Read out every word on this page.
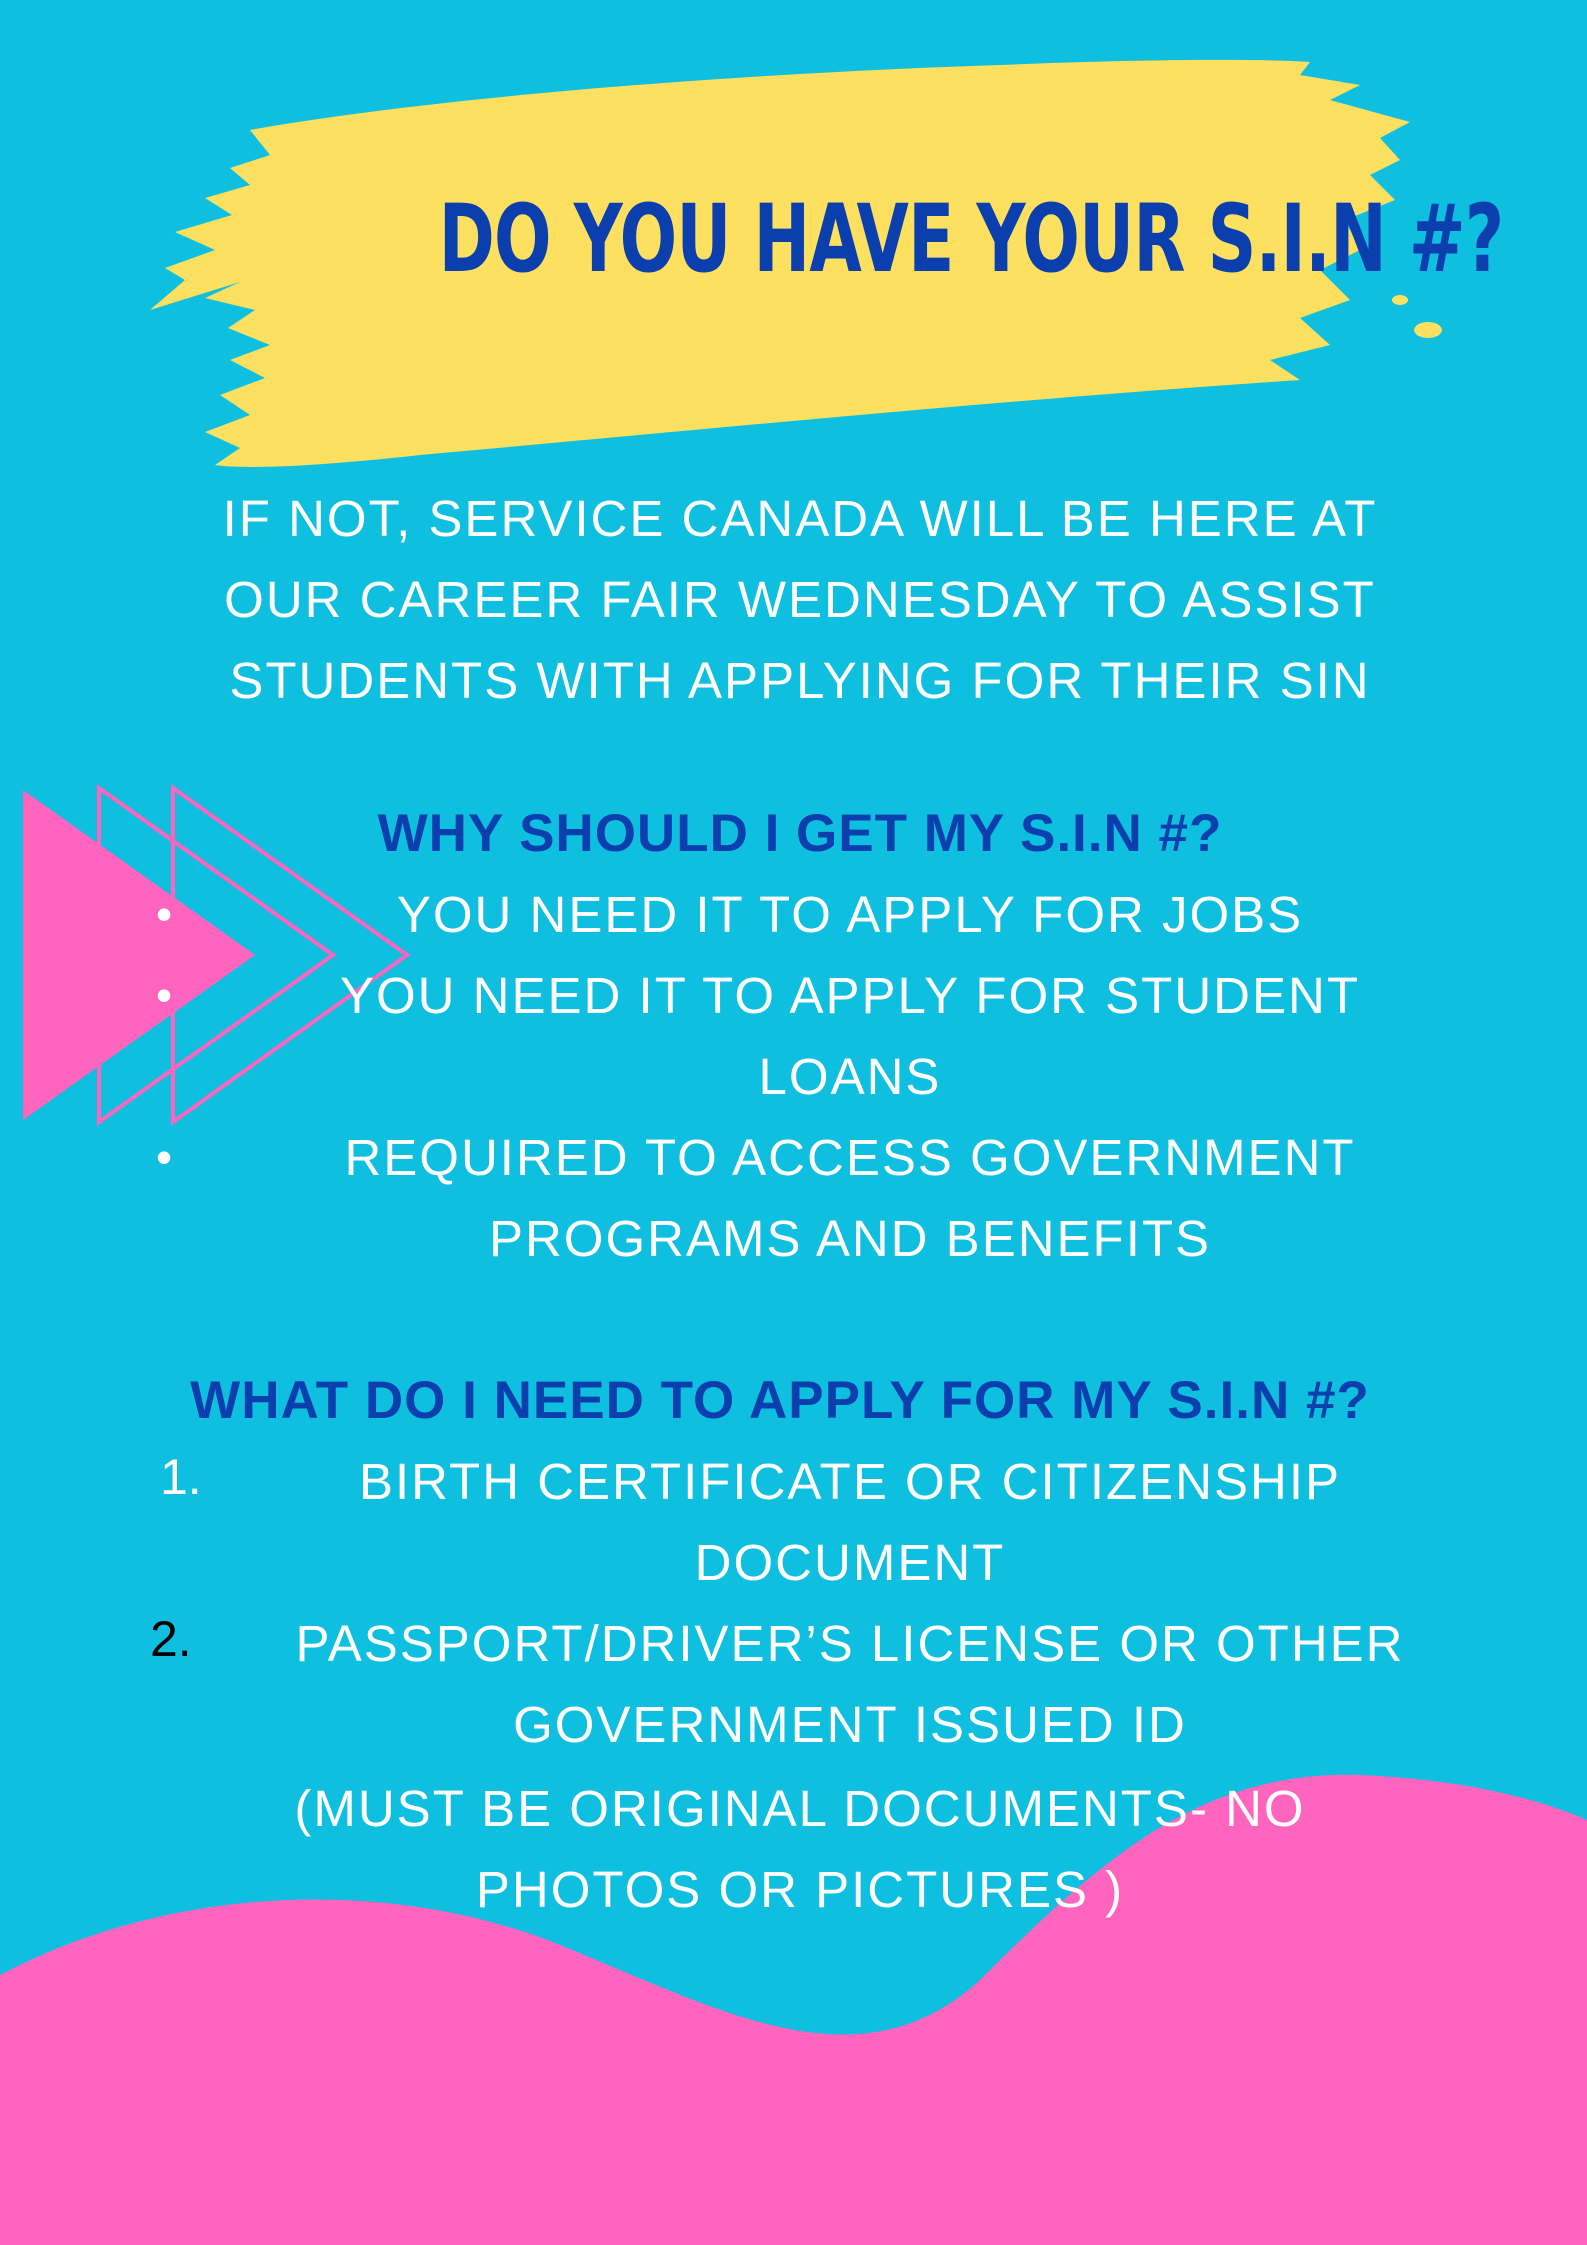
DO YOU HAVE YOUR S.I.N #?
IF NOT, SERVICE CANADA WILL BE HERE AT
OUR CAREER FAIR WEDNESDAY TO ASSIST
STUDENTS WITH APPLYING FOR THEIR SIN
WHY SHOULD I GET MY S.I.N #?
•	YOU NEED IT TO APPLY FOR JOBS
•	YOU NEED IT TO APPLY FOR STUDENT
LOANS
•	REQUIRED TO ACCESS GOVERNMENT
PROGRAMS AND BENEFITS
WHAT DO I NEED TO APPLY FOR MY S.I.N #?
1.	BIRTH CERTIFICATE OR CITIZENSHIP
DOCUMENT
2.	PASSPORT/DRIVER’S LICENSE OR OTHER
GOVERNMENT ISSUED ID
(MUST BE ORIGINAL DOCUMENTS- NO
PHOTOS OR PICTURES )
